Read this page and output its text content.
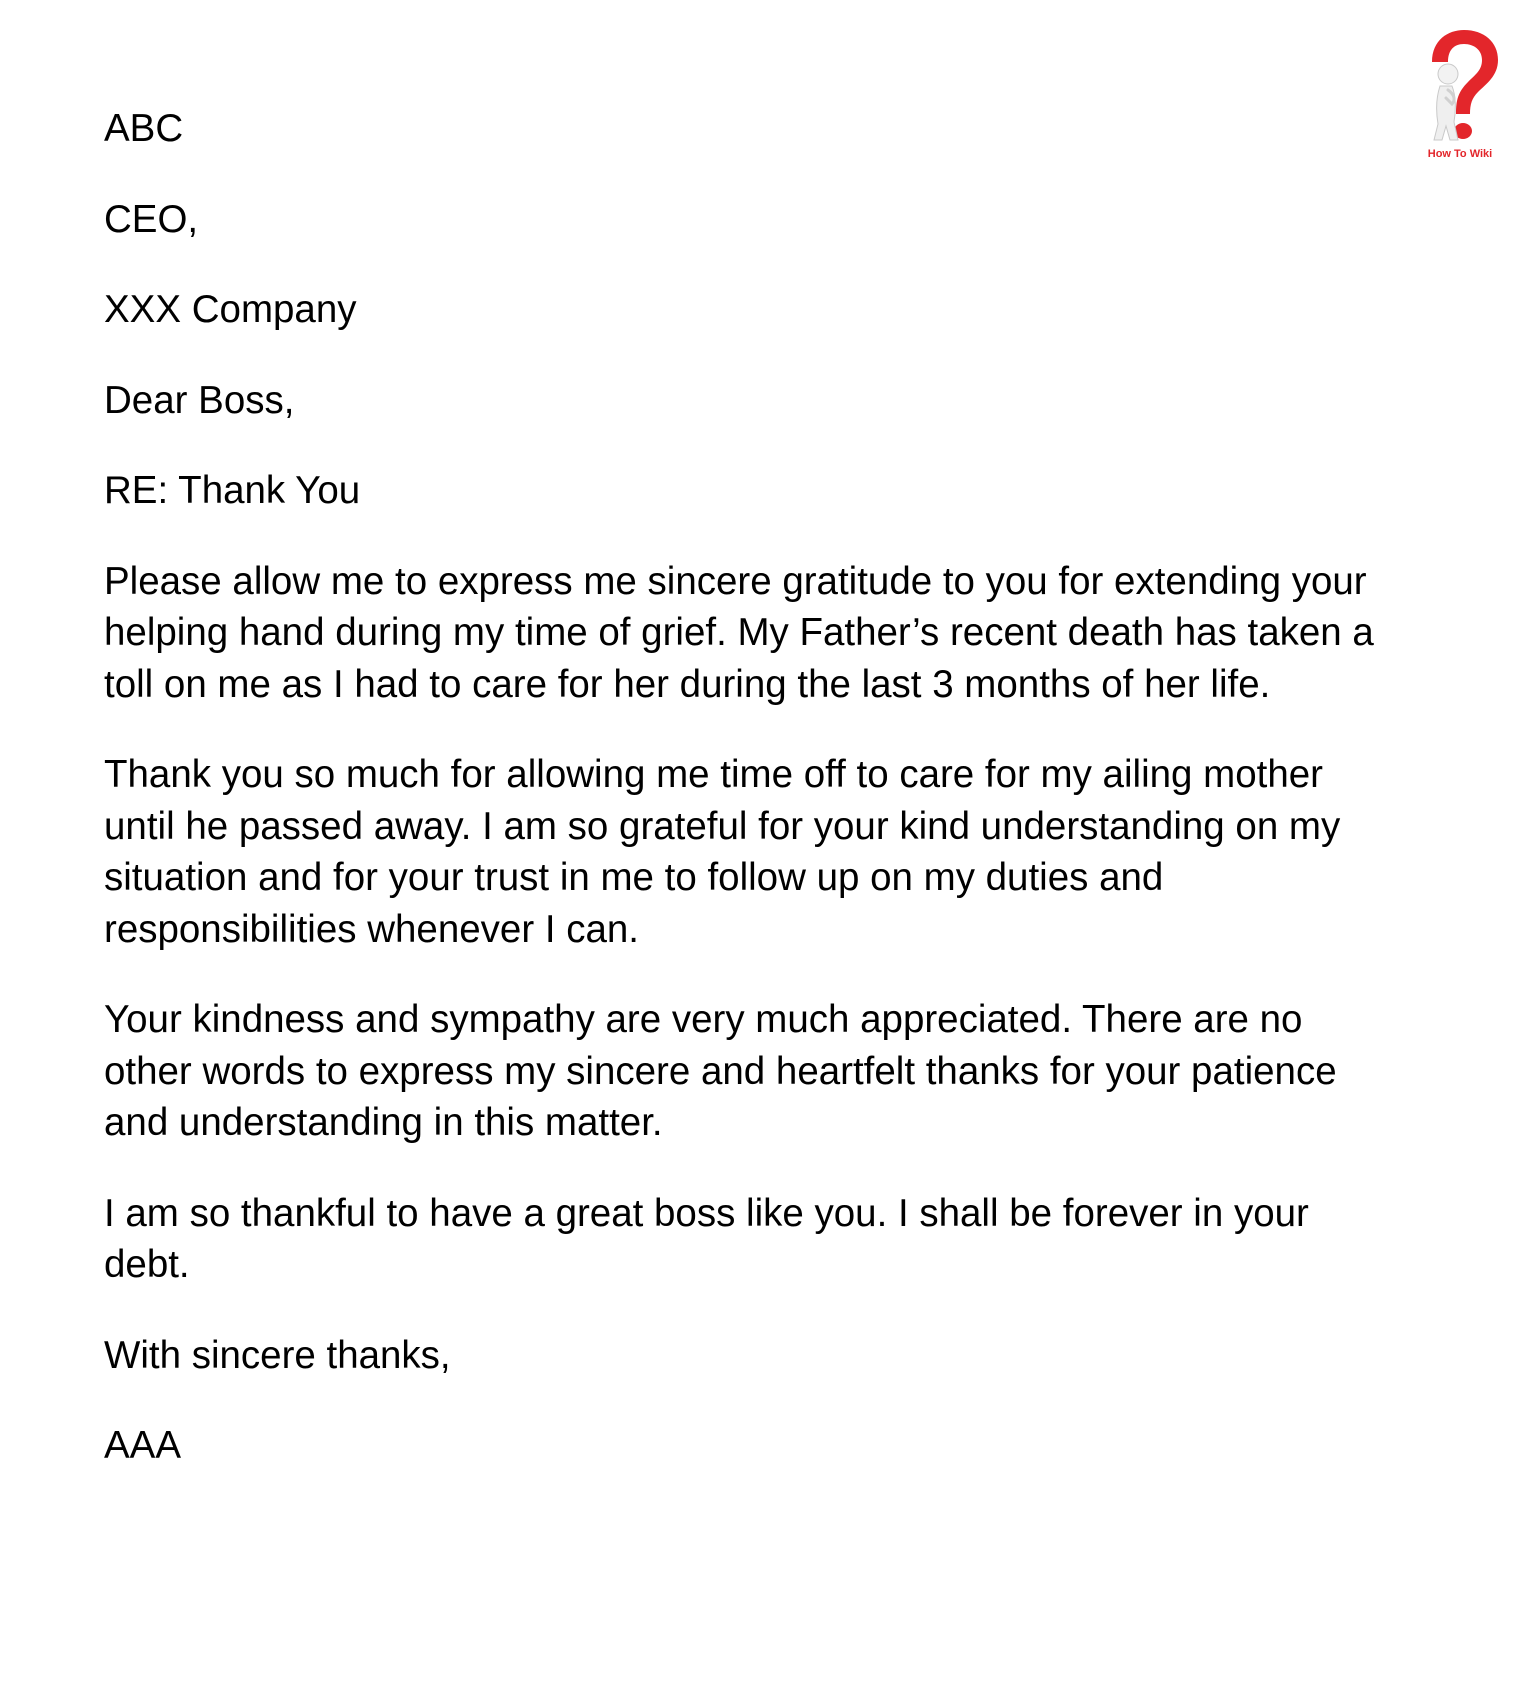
How To Wiki
ABC
CEO,
XXX Company
Dear Boss,
RE: Thank You
Please allow me to express me sincere gratitude to you for extending your
helping hand during my time of grief. My Father’s recent death has taken a
toll on me as I had to care for her during the last 3 months of her life.
Thank you so much for allowing me time off to care for my ailing mother
until he passed away. I am so grateful for your kind understanding on my
situation and for your trust in me to follow up on my duties and
responsibilities whenever I can.
Your kindness and sympathy are very much appreciated. There are no
other words to express my sincere and heartfelt thanks for your patience
and understanding in this matter.
I am so thankful to have a great boss like you. I shall be forever in your
debt.
With sincere thanks,
AAA
